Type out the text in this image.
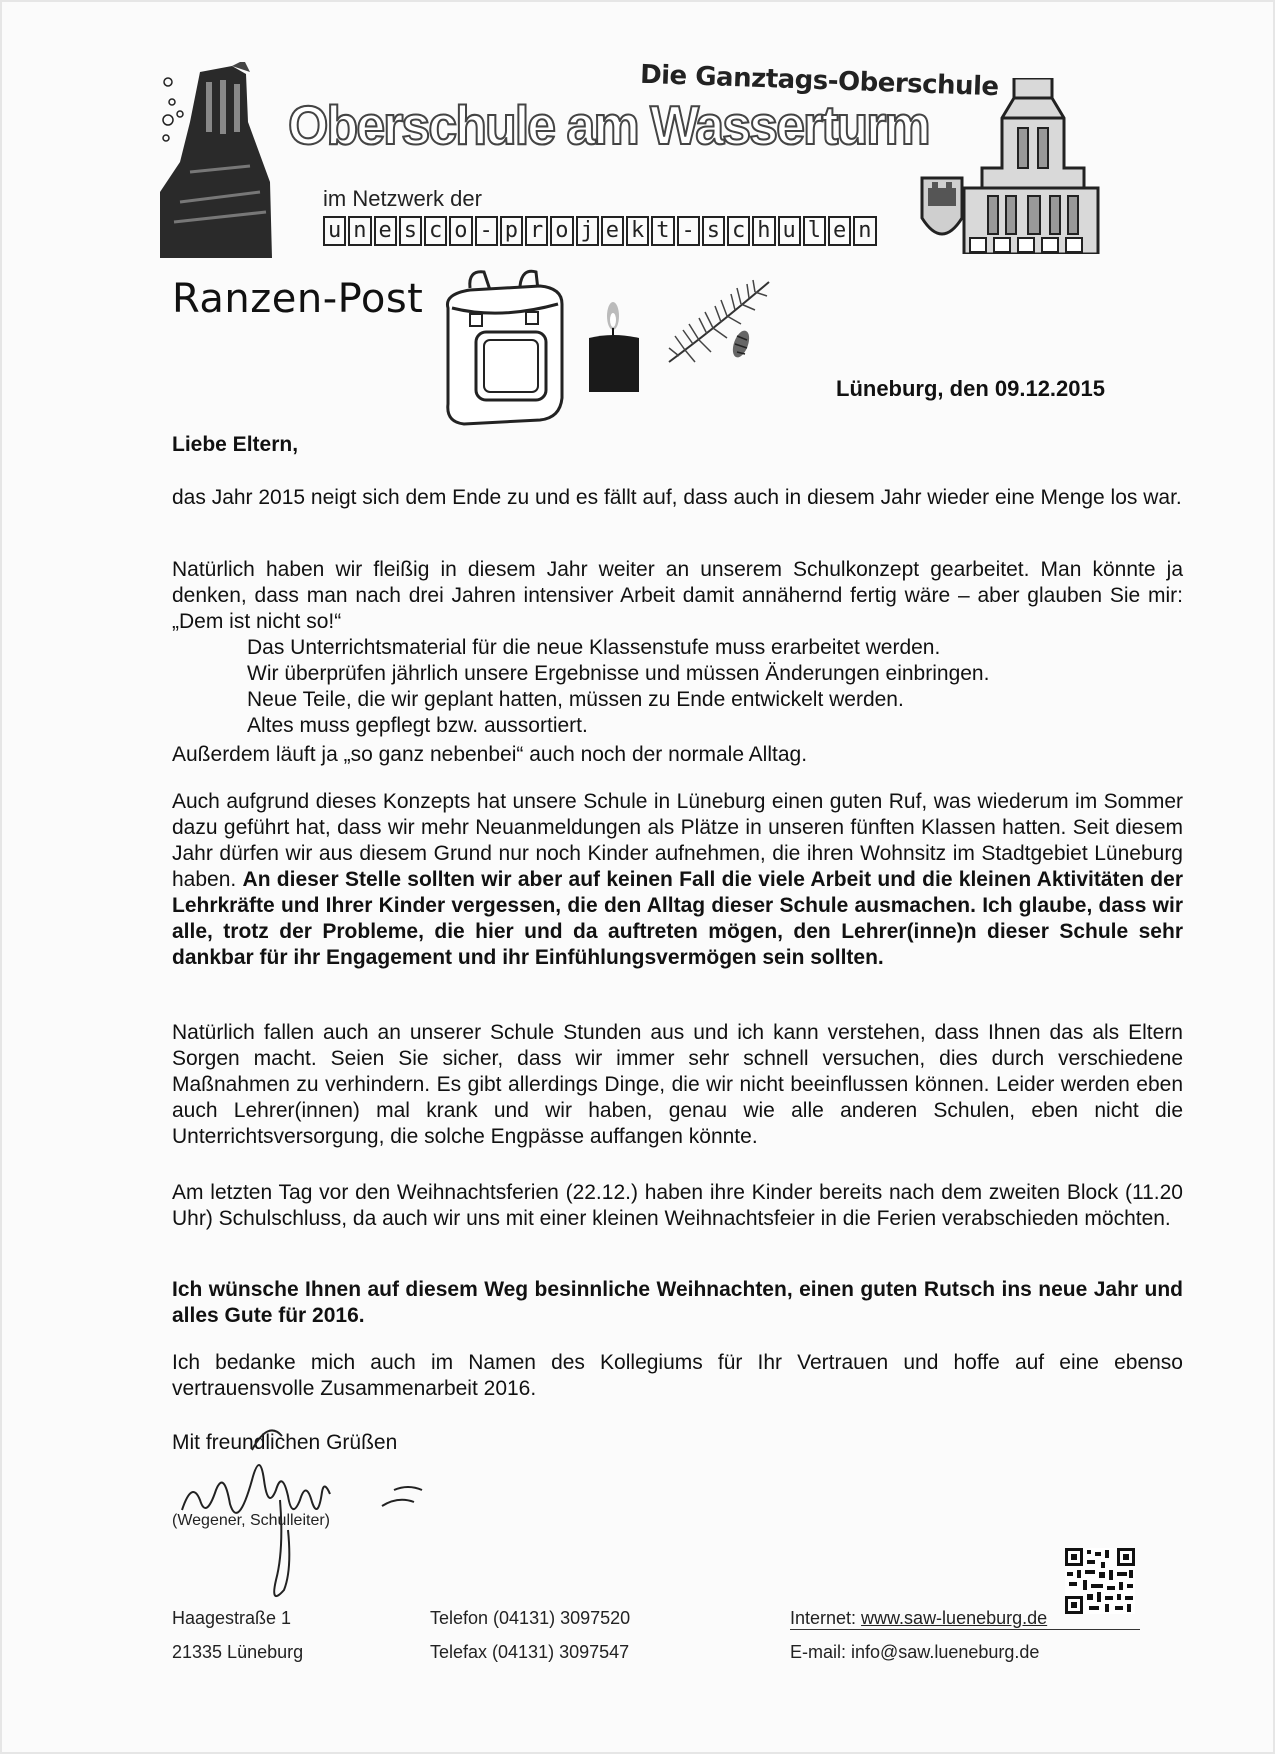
Oberschule am Wasserturm
Die Ganztags-Oberschule
im Netzwerk der
u n e s c o - p r o j e k t - s c h u l e n
Ranzen-Post
Lüneburg, den 09.12.2015
Liebe Eltern,
das Jahr 2015 neigt sich dem Ende zu und es fällt auf, dass auch in diesem Jahr wieder eine Menge los war.
Natürlich haben wir fleißig in diesem Jahr weiter an unserem Schulkonzept gearbeitet. Man könnte ja denken, dass man nach drei Jahren intensiver Arbeit damit annähernd fertig wäre – aber glauben Sie mir: „Dem ist nicht so!“
Das Unterrichtsmaterial für die neue Klassenstufe muss erarbeitet werden.
Wir überprüfen jährlich unsere Ergebnisse und müssen Änderungen einbringen.
Neue Teile, die wir geplant hatten, müssen zu Ende entwickelt werden.
Altes muss gepflegt bzw. aussortiert.
Außerdem läuft ja „so ganz nebenbei“ auch noch der normale Alltag.
Auch aufgrund dieses Konzepts hat unsere Schule in Lüneburg einen guten Ruf, was wiederum im Sommer dazu geführt hat, dass wir mehr Neuanmeldungen als Plätze in unseren fünften Klassen hatten. Seit diesem Jahr dürfen wir aus diesem Grund nur noch Kinder aufnehmen, die ihren Wohnsitz im Stadtgebiet Lüneburg haben. An dieser Stelle sollten wir aber auf keinen Fall die viele Arbeit und die kleinen Aktivitäten der Lehrkräfte und Ihrer Kinder vergessen, die den Alltag dieser Schule ausmachen. Ich glaube, dass wir alle, trotz der Probleme, die hier und da auftreten mögen, den Lehrer(inne)n dieser Schule sehr dankbar für ihr Engagement und ihr Einfühlungsvermögen sein sollten.
Natürlich fallen auch an unserer Schule Stunden aus und ich kann verstehen, dass Ihnen das als Eltern Sorgen macht. Seien Sie sicher, dass wir immer sehr schnell versuchen, dies durch verschiedene Maßnahmen zu verhindern. Es gibt allerdings Dinge, die wir nicht beeinflussen können. Leider werden eben auch Lehrer(innen) mal krank und wir haben, genau wie alle anderen Schulen, eben nicht die Unterrichtsversorgung, die solche Engpässe auffangen könnte.
Am letzten Tag vor den Weihnachtsferien (22.12.) haben ihre Kinder bereits nach dem zweiten Block (11.20 Uhr) Schulschluss, da auch wir uns mit einer kleinen Weihnachtsfeier in die Ferien verabschieden möchten.
Ich wünsche Ihnen auf diesem Weg besinnliche Weihnachten, einen guten Rutsch ins neue Jahr und alles Gute für 2016.
Ich bedanke mich auch im Namen des Kollegiums für Ihr Vertrauen und hoffe auf eine ebenso vertrauensvolle Zusammenarbeit 2016.
Mit freundlichen Grüßen
(Wegener, Schulleiter)
Haagestraße 1
21335 Lüneburg
Telefon (04131) 3097520
Telefax (04131) 3097547
Internet: www.saw-lueneburg.de
E-mail: info@saw.lueneburg.de
